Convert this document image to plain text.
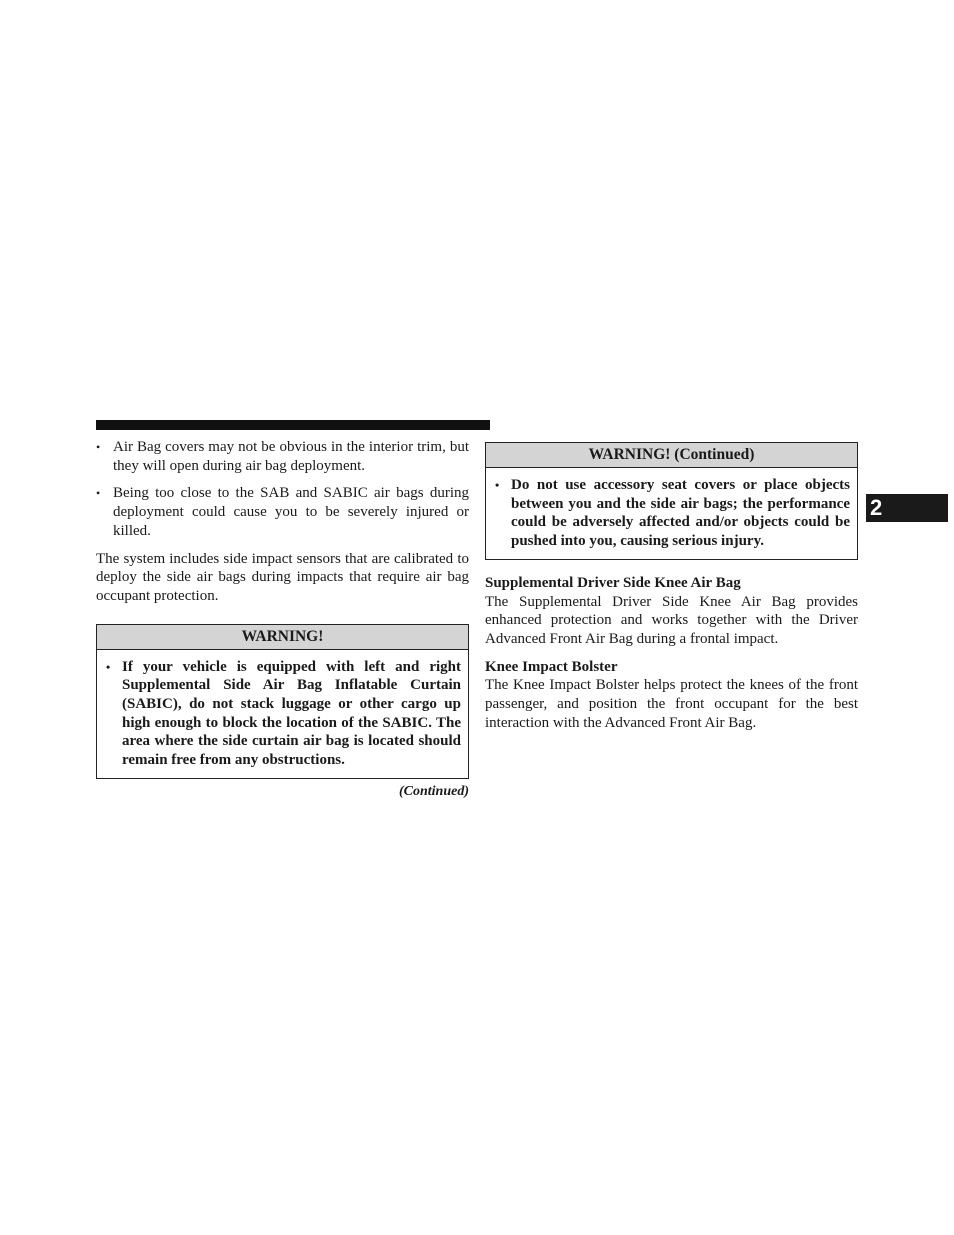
• Air Bag covers may not be obvious in the interior trim, but they will open during air bag deployment.
• Being too close to the SAB and SABIC air bags during deployment could cause you to be severely injured or killed.

The system includes side impact sensors that are calibrated to deploy the side air bags during impacts that require air bag occupant protection.

WARNING!
• If your vehicle is equipped with left and right Supplemental Side Air Bag Inflatable Curtain (SABIC), do not stack luggage or other cargo up high enough to block the location of the SABIC. The area where the side curtain air bag is located should remain free from any obstructions.
(Continued)
WARNING! (Continued)
• Do not use accessory seat covers or place objects between you and the side air bags; the performance could be adversely affected and/or objects could be pushed into you, causing serious injury.

Supplemental Driver Side Knee Air Bag

The Supplemental Driver Side Knee Air Bag provides enhanced protection and works together with the Driver Advanced Front Air Bag during a frontal impact.

Knee Impact Bolster

The Knee Impact Bolster helps protect the knees of the front passenger, and position the front occupant for the best interaction with the Advanced Front Air Bag.

2
